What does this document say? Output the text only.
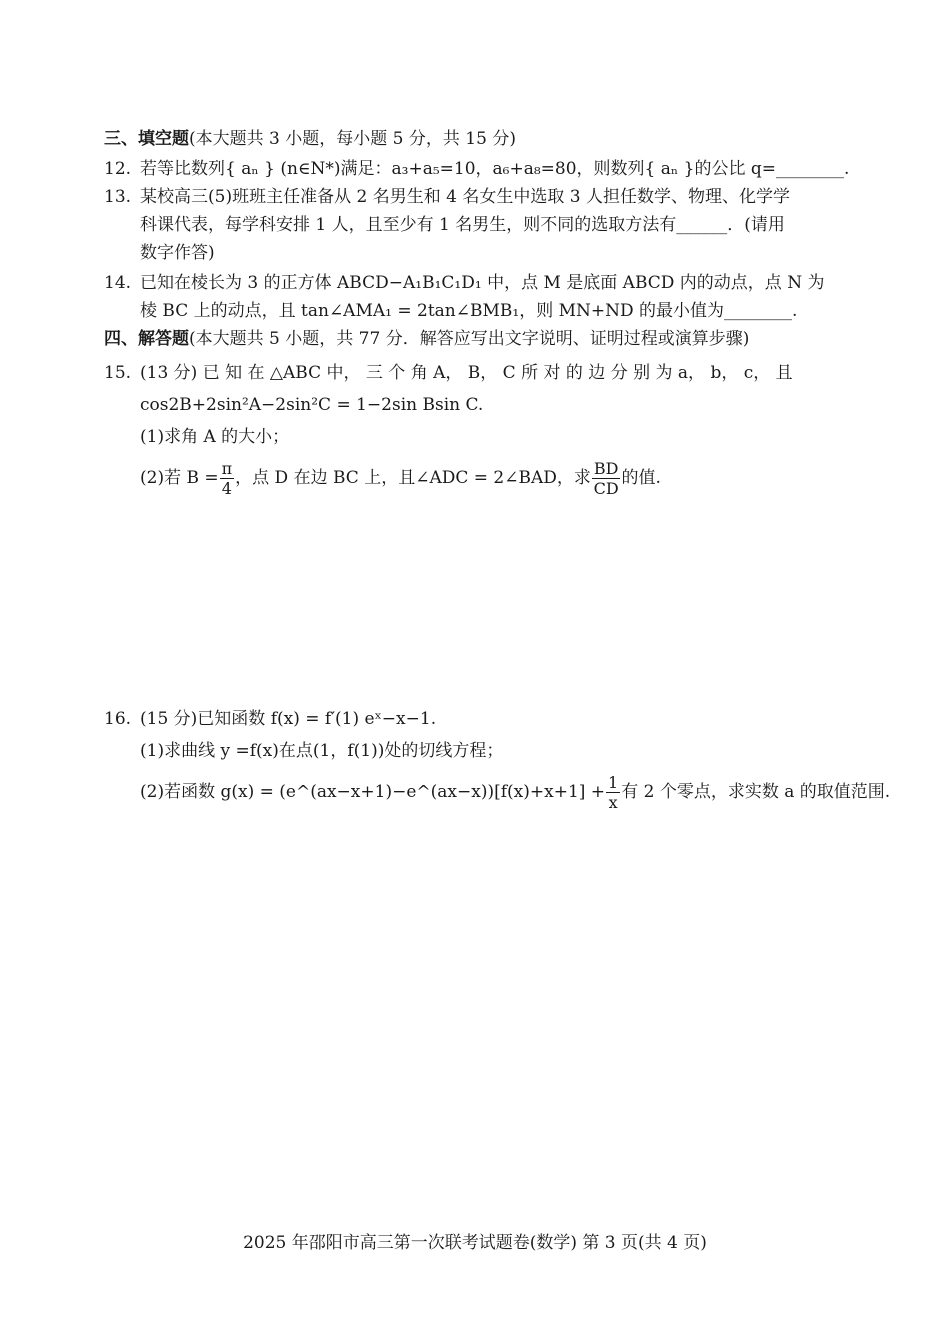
三、填空题(本大题共 3 小题，每小题 5 分，共 15 分)
12. 若等比数列{ aₙ } (n∈N*)满足：a₃+a₅=10，a₆+a₈=80，则数列{ aₙ }的公比 q=________.
13. 某校高三(5)班班主任准备从 2 名男生和 4 名女生中选取 3 人担任数学、物理、化学学
科课代表，每学科安排 1 人，且至少有 1 名男生，则不同的选取方法有______．(请用
数字作答)
14. 已知在棱长为 3 的正方体 ABCD−A₁B₁C₁D₁ 中，点 M 是底面 ABCD 内的动点，点 N 为
棱 BC 上的动点，且 tan∠AMA₁ = 2tan∠BMB₁，则 MN+ND 的最小值为________.
四、解答题(本大题共 5 小题，共 77 分．解答应写出文字说明、证明过程或演算步骤)
15. (13 分) 已 知 在 △ABC 中， 三 个 角 A， B， C 所 对 的 边 分 别 为 a， b， c， 且
cos2B+2sin²A−2sin²C = 1−2sin Bsin C.
(1)求角 A 的大小；
(2)若 $B = \frac{\pi}{4}$ ，点 D 在边 BC 上，且∠ADC = 2∠BAD，求 $\frac{BD}{CD}$ 的值.
16. (15 分)已知函数 f(x) = f′(1) eˣ−x−1.
(1)求曲线 y =f(x)在点(1，f(1))处的切线方程；
(2)若函数 g(x) = (e^(ax−x+1)−e^(ax−x))[f(x)+x+1] + $\frac{1}{x}$ 有 2 个零点，求实数 a 的取值范围.
2025 年邵阳市高三第一次联考试题卷(数学) 第 3 页(共 4 页)
